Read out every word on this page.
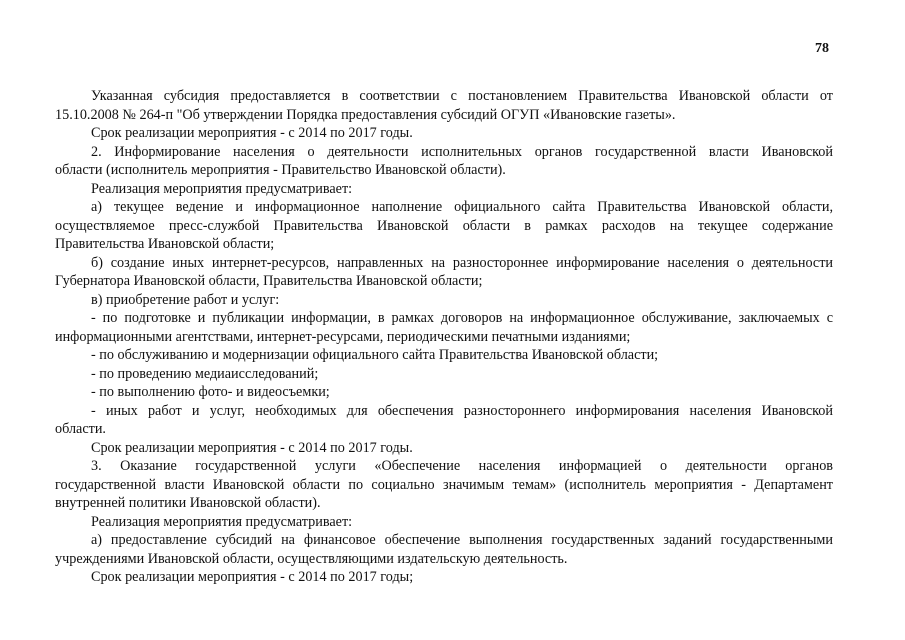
78
Указанная субсидия предоставляется в соответствии с постановлением Правительства Ивановской области от
15.10.2008 № 264-п "Об утверждении Порядка предоставления субсидий ОГУП «Ивановские газеты».
Срок реализации мероприятия - с 2014 по 2017 годы.
2. Информирование населения о деятельности исполнительных органов государственной власти Ивановской
области (исполнитель мероприятия - Правительство Ивановской области).
Реализация мероприятия предусматривает:
а) текущее ведение и информационное наполнение официального сайта Правительства Ивановской области,
осуществляемое пресс-службой Правительства Ивановской области в рамках расходов на текущее содержание
Правительства Ивановской области;
б) создание иных интернет-ресурсов, направленных на разностороннее информирование населения о деятельности
Губернатора Ивановской области, Правительства Ивановской области;
в) приобретение работ и услуг:
- по подготовке и публикации информации, в рамках договоров на информационное обслуживание, заключаемых с
информационными агентствами, интернет-ресурсами, периодическими печатными изданиями;
- по обслуживанию и модернизации официального сайта Правительства Ивановской области;
- по проведению медиаисследований;
- по выполнению фото- и видеосъемки;
- иных работ и услуг, необходимых для обеспечения разностороннего информирования населения Ивановской
области.
Срок реализации мероприятия - с 2014 по 2017 годы.
3. Оказание государственной услуги «Обеспечение населения информацией о деятельности органов
государственной власти Ивановской области по социально значимым темам» (исполнитель мероприятия - Департамент
внутренней политики Ивановской области).
Реализация мероприятия предусматривает:
а) предоставление субсидий на финансовое обеспечение выполнения государственных заданий государственными
учреждениями Ивановской области, осуществляющими издательскую деятельность.
Срок реализации мероприятия - с 2014 по 2017 годы;
